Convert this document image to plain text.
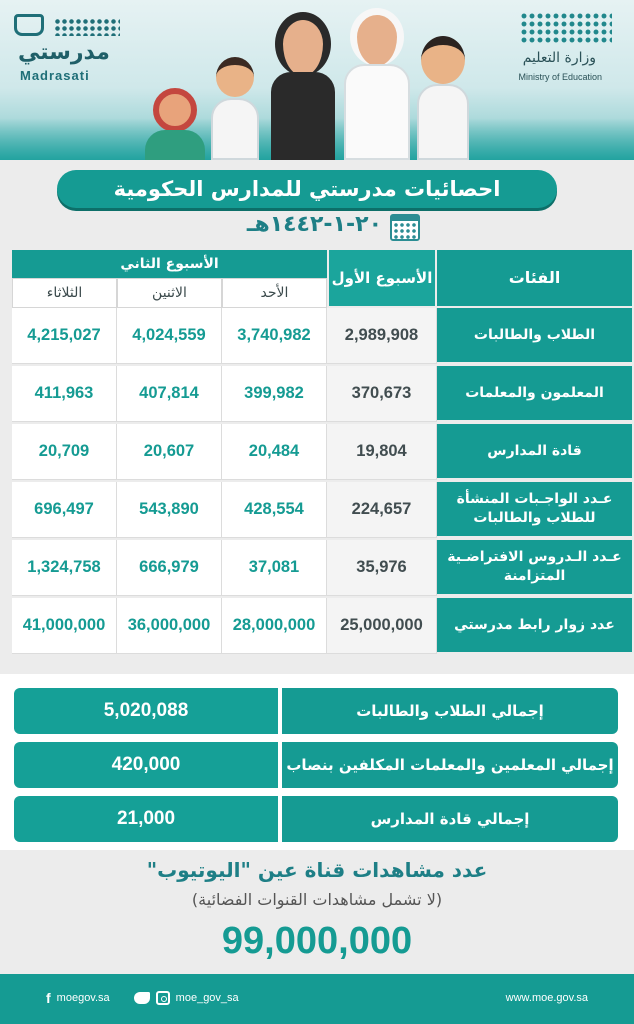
مدرستي
Madrasati
وزارة التعليم
Ministry of Education
احصائيات مدرستي للمدارس الحكومية
٢٠-١-١٤٤٢هـ
الفئات
الأسبوع الأول
الأسبوع الثاني
الأحد
الاثنين
الثلاثاء
الطلاب والطالبات
2,989,908
3,740,982
4,024,559
4,215,027
المعلمون والمعلمات
370,673
399,982
407,814
411,963
قادة المدارس
19,804
20,484
20,607
20,709
عـدد الواجـبات المنشأة للطلاب والطالبات
224,657
428,554
543,890
696,497
عـدد الـدروس الافتراضـية المتزامنة
35,976
37,081
666,979
1,324,758
عدد زوار رابط مدرستي
25,000,000
28,000,000
36,000,000
41,000,000
إجمالي الطلاب والطالبات
5,020,088
إجمالي المعلمين والمعلمات المكلفين بنصاب
420,000
إجمالي قادة المدارس
21,000
عدد مشاهدات قناة عين "اليوتيوب"
(لا تشمل مشاهدات القنوات الفضائية)
99,000,000
f moegov.sa	moe_gov_sa	www.moe.gov.sa
